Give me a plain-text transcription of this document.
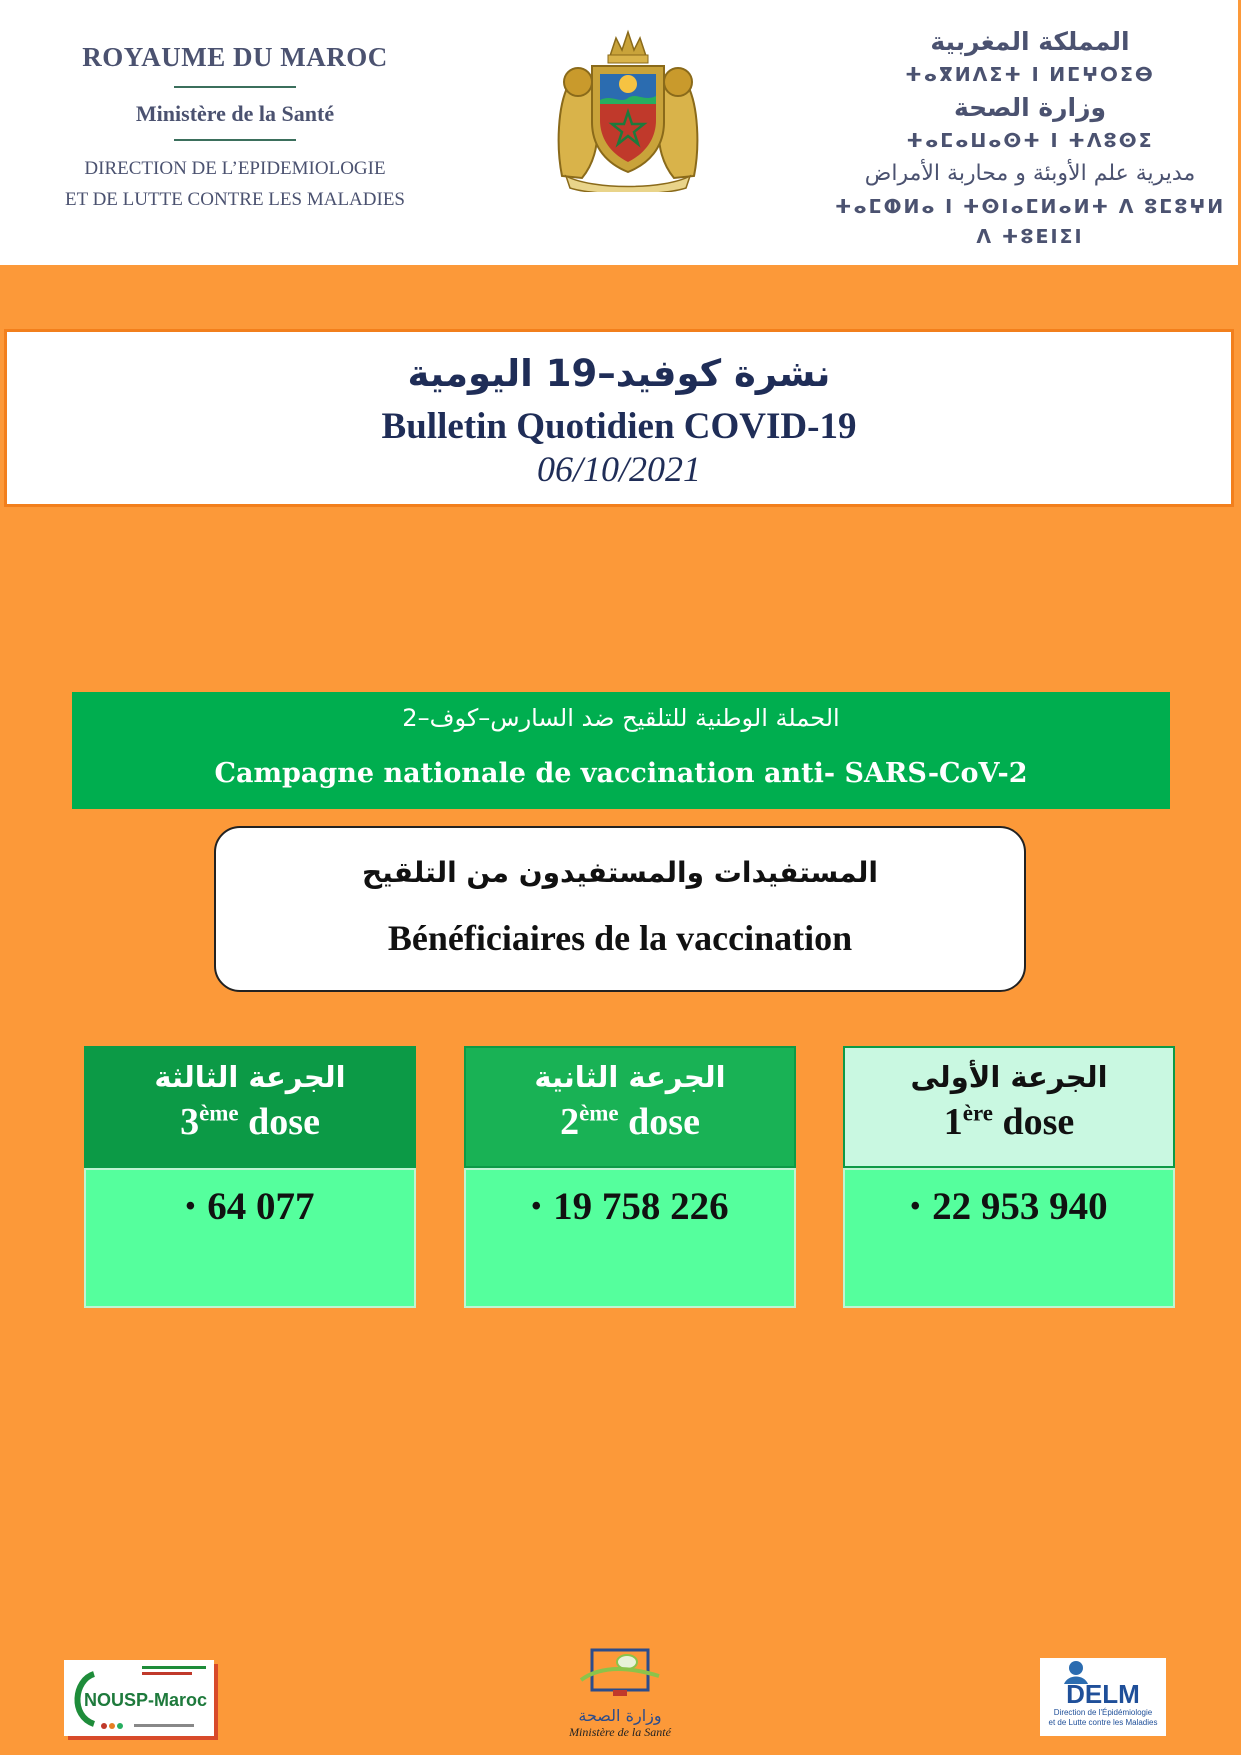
ROYAUME DU MAROC
Ministère de la Santé
DIRECTION DE L’EPIDEMIOLOGIE
ET DE LUTTE CONTRE LES MALADIES
المملكة المغربية
ⵜⴰⴳⵍⴷⵉⵜ ⵏ ⵍⵎⵖⵔⵉⴱ
وزارة الصحة
ⵜⴰⵎⴰⵡⴰⵙⵜ ⵏ ⵜⴷⵓⵙⵉ
مديرية علم الأوبئة و محاربة الأمراض
ⵜⴰⵎⵀⵍⴰ ⵏ ⵜⵙⵏⴰⵎⵍⴰⵍⵜ ⴷ ⵓⵎⵓⵖⵍ ⴷ ⵜⵓⴹⵏⵉⵏ
نشرة كوفيد–19 اليومية
Bulletin Quotidien COVID-19
06/10/2021
الحملة الوطنية للتلقيح ضد السارس–كوف–2
Campagne nationale de vaccination anti- SARS-CoV-2
المستفيدات والمستفيدون من التلقيح
Bénéficiaires de la vaccination
الجرعة الثالثة
3ème dose
• 64 077
الجرعة الثانية
2ème dose
• 19 758 226
الجرعة الأولى
1ère dose
• 22 953 940
NOUSP-Maroc
وزارة الصحة
Ministère de la Santé
DELM
Direction de l'Épidémiologie
et de Lutte contre les Maladies
